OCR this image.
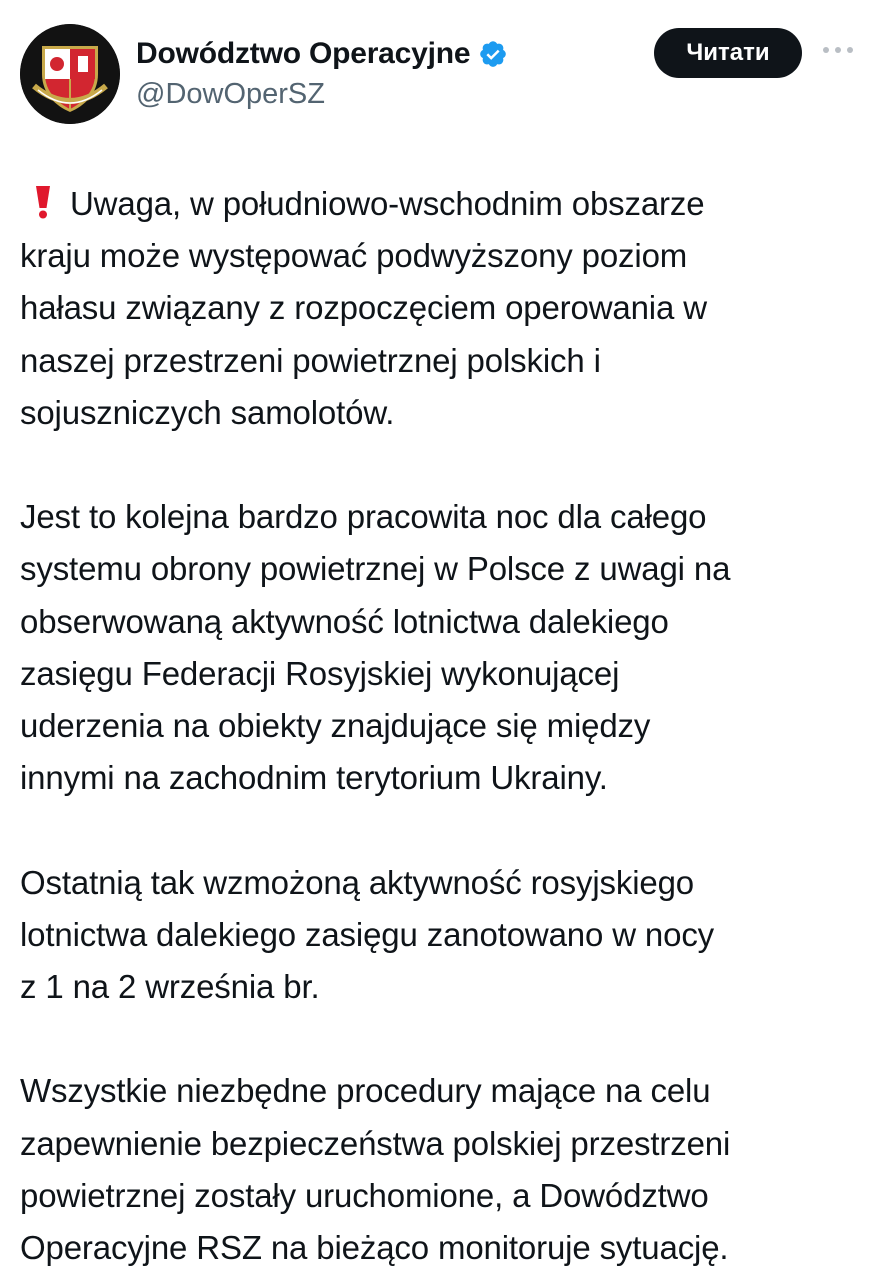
Dowództwo Operacyjne
@DowOperSZ
Читати

Uwaga, w południowo-wschodnim obszarze
kraju może występować podwyższony poziom
hałasu związany z rozpoczęciem operowania w
naszej przestrzeni powietrznej polskich i
sojuszniczych samolotów.

Jest to kolejna bardzo pracowita noc dla całego
systemu obrony powietrznej w Polsce z uwagi na
obserwowaną aktywność lotnictwa dalekiego
zasięgu Federacji Rosyjskiej wykonującej
uderzenia na obiekty znajdujące się między
innymi na zachodnim terytorium Ukrainy.

Ostatnią tak wzmożoną aktywność rosyjskiego
lotnictwa dalekiego zasięgu zanotowano w nocy
z 1 na 2 września br.

Wszystkie niezbędne procedury mające na celu
zapewnienie bezpieczeństwa polskiej przestrzeni
powietrznej zostały uruchomione, a Dowództwo
Operacyjne RSZ na bieżąco monitoruje sytuację.
